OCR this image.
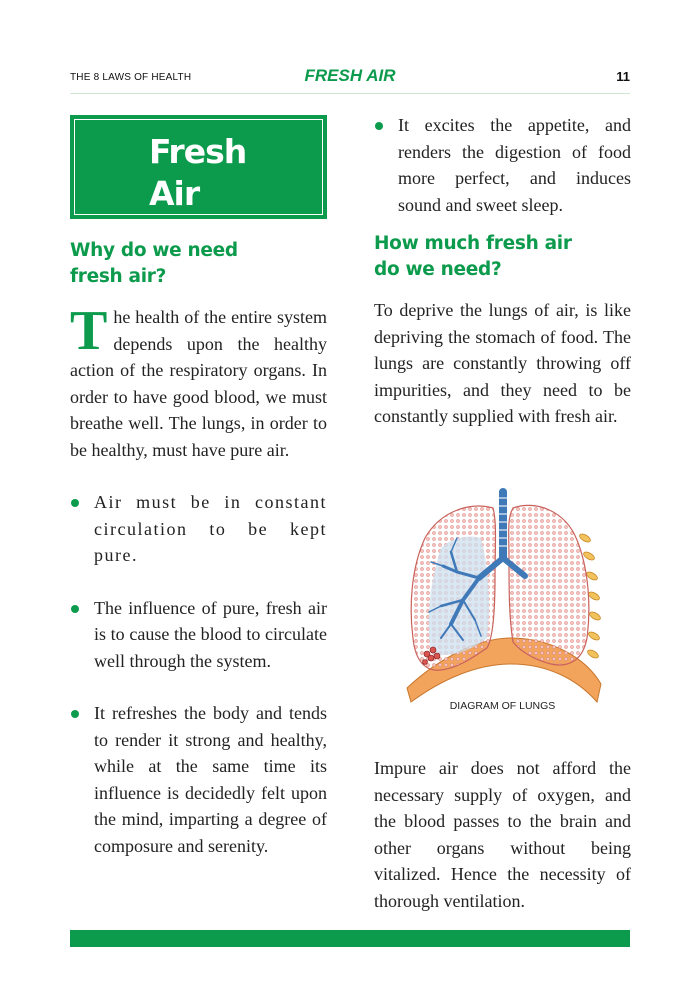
THE 8 LAWS OF HEALTH	FRESH AIR	11
Fresh
Air
Why do we need
fresh air?

The health of the entire system depends upon the healthy action of the respiratory organs. In order to have good blood, we must breathe well. The lungs, in order to be healthy, must have pure air.

Air must be in constant circulation to be kept pure.
The influence of pure, fresh air is to cause the blood to circulate well through the system.
It refreshes the body and tends to render it strong and healthy, while at the same time its influence is decidedly felt upon the mind, imparting a degree of composure and serenity.
It excites the appetite, and renders the digestion of food more perfect, and induces sound and sweet sleep.
How much fresh air
do we need?

To deprive the lungs of air, is like depriving the stomach of food. The lungs are constantly throwing off impurities, and they need to be constantly supplied with fresh air.

DIAGRAM OF LUNGS

Impure air does not afford the necessary supply of oxygen, and the blood passes to the brain and other organs without being vitalized. Hence the necessity of thorough ventilation.
